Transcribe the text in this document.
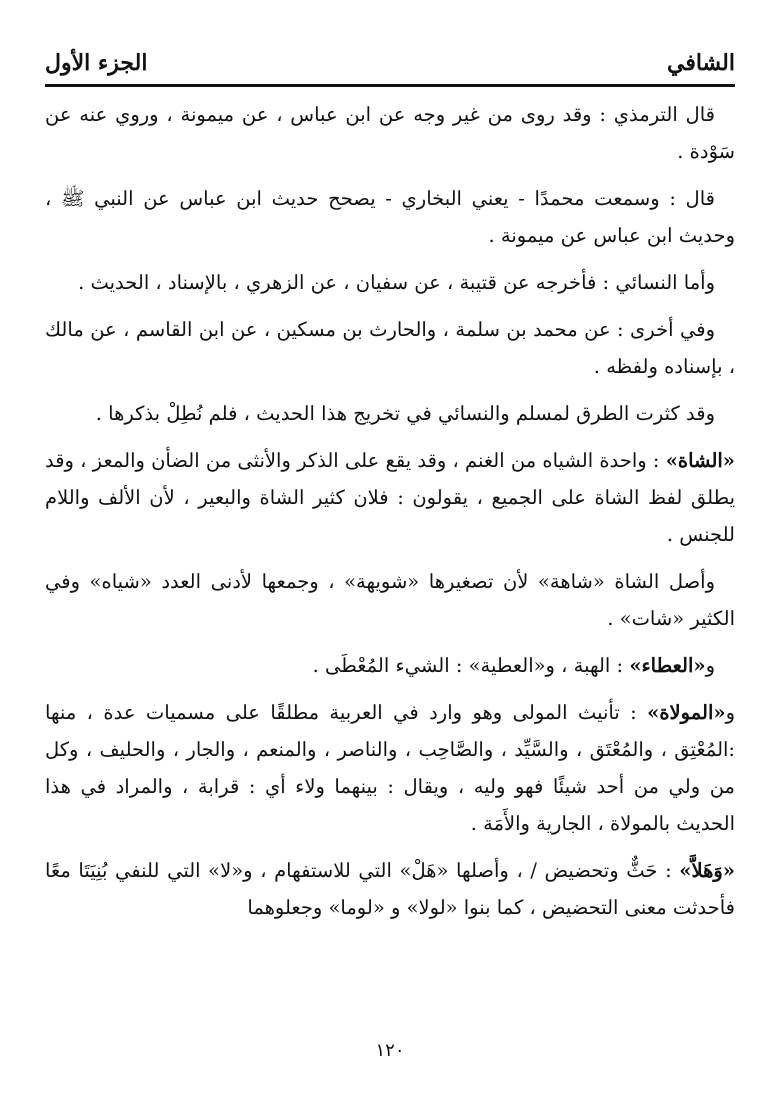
الشافي
الجزء الأول

قال الترمذي : وقد روى من غير وجه عن ابن عباس ، عن ميمونة ، وروي عنه عن سَوْدة .

قال : وسمعت محمدًا - يعني البخاري - يصحح حديث ابن عباس عن النبي ﷺ ، وحديث ابن عباس عن ميمونة .

وأما النسائي : فأخرجه عن قتيبة ، عن سفيان ، عن الزهري ، بالإسناد ، الحديث .

وفي أخرى : عن محمد بن سلمة ، والحارث بن مسكين ، عن ابن القاسم ، عن مالك ، بإسناده ولفظه .

وقد كثرت الطرق لمسلم والنسائي في تخريج هذا الحديث ، فلم نُطِلْ بذكرها .

«الشاة» : واحدة الشياه من الغنم ، وقد يقع على الذكر والأنثى من الضأن والمعز ، وقد يطلق لفظ الشاة على الجميع ، يقولون : فلان كثير الشاة والبعير ، لأن الألف واللام للجنس .

وأصل الشاة «شاهة» لأن تصغيرها «شويهة» ، وجمعها لأدنى العدد «شياه» وفي الكثير «شات» .

و«العطاء» : الهبة ، و«العطية» : الشيء المُعْطَى .

و«المولاة» : تأنيث المولى وهو وارد في العربية مطلقًا على مسميات عدة ، منها :المُعْتِق ، والمُعْتَق ، والسَّيِّد ، والصَّاحِب ، والناصر ، والمنعم ، والجار ، والحليف ، وكل من ولي من أحد شيئًا فهو وليه ، ويقال : بينهما ولاء أي : قرابة ، والمراد في هذا الحديث بالمولاة ، الجارية والأَمَة .

«وَهَلاَّ» : حَثٌّ وتحضيض / ، وأصلها «هَلْ» التي للاستفهام ، و«لا» التي للنفي بُنِيَتَا معًا فأحدثت معنى التحضيض ، كما بنوا «لولا» و «لوما» وجعلوهما

١٢٠
